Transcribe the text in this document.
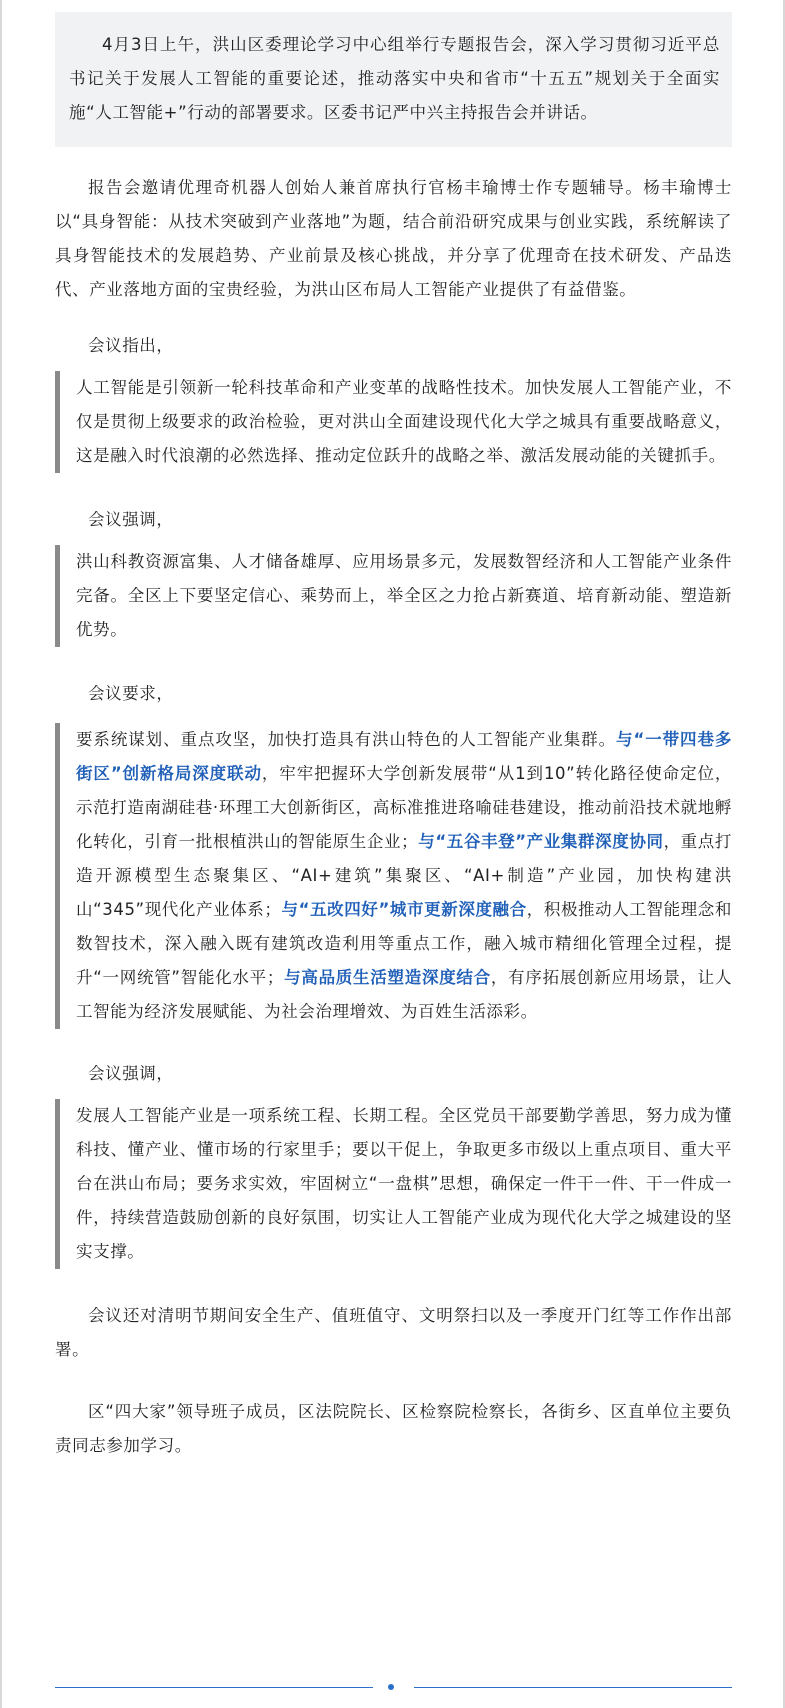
4月3日上午，洪山区委理论学习中心组举行专题报告会，深入学习贯彻习近平总书记关于发展人工智能的重要论述，推动落实中央和省市“十五五”规划关于全面实施“人工智能+”行动的部署要求。区委书记严中兴主持报告会并讲话。

报告会邀请优理奇机器人创始人兼首席执行官杨丰瑜博士作专题辅导。杨丰瑜博士以“具身智能：从技术突破到产业落地”为题，结合前沿研究成果与创业实践，系统解读了具身智能技术的发展趋势、产业前景及核心挑战，并分享了优理奇在技术研发、产品迭代、产业落地方面的宝贵经验，为洪山区布局人工智能产业提供了有益借鉴。

会议指出，

人工智能是引领新一轮科技革命和产业变革的战略性技术。加快发展人工智能产业，不仅是贯彻上级要求的政治检验，更对洪山全面建设现代化大学之城具有重要战略意义，这是融入时代浪潮的必然选择、推动定位跃升的战略之举、激活发展动能的关键抓手。

会议强调，

洪山科教资源富集、人才储备雄厚、应用场景多元，发展数智经济和人工智能产业条件完备。全区上下要坚定信心、乘势而上，举全区之力抢占新赛道、培育新动能、塑造新优势。

会议要求，

要系统谋划、重点攻坚，加快打造具有洪山特色的人工智能产业集群。与“一带四巷多街区”创新格局深度联动，牢牢把握环大学创新发展带“从1到10”转化路径使命定位，示范打造南湖硅巷·环理工大创新街区，高标准推进珞喻硅巷建设，推动前沿技术就地孵化转化，引育一批根植洪山的智能原生企业；与“五谷丰登”产业集群深度协同，重点打造开源模型生态聚集区、“AI+建筑”集聚区、“AI+制造”产业园，加快构建洪山“345”现代化产业体系；与“五改四好”城市更新深度融合，积极推动人工智能理念和数智技术，深入融入既有建筑改造利用等重点工作，融入城市精细化管理全过程，提升“一网统管”智能化水平；与高品质生活塑造深度结合，有序拓展创新应用场景，让人工智能为经济发展赋能、为社会治理增效、为百姓生活添彩。

会议强调，

发展人工智能产业是一项系统工程、长期工程。全区党员干部要勤学善思，努力成为懂科技、懂产业、懂市场的行家里手；要以干促上，争取更多市级以上重点项目、重大平台在洪山布局；要务求实效，牢固树立“一盘棋”思想，确保定一件干一件、干一件成一件，持续营造鼓励创新的良好氛围，切实让人工智能产业成为现代化大学之城建设的坚实支撑。

会议还对清明节期间安全生产、值班值守、文明祭扫以及一季度开门红等工作作出部署。

区“四大家”领导班子成员，区法院院长、区检察院检察长，各街乡、区直单位主要负责同志参加学习。
